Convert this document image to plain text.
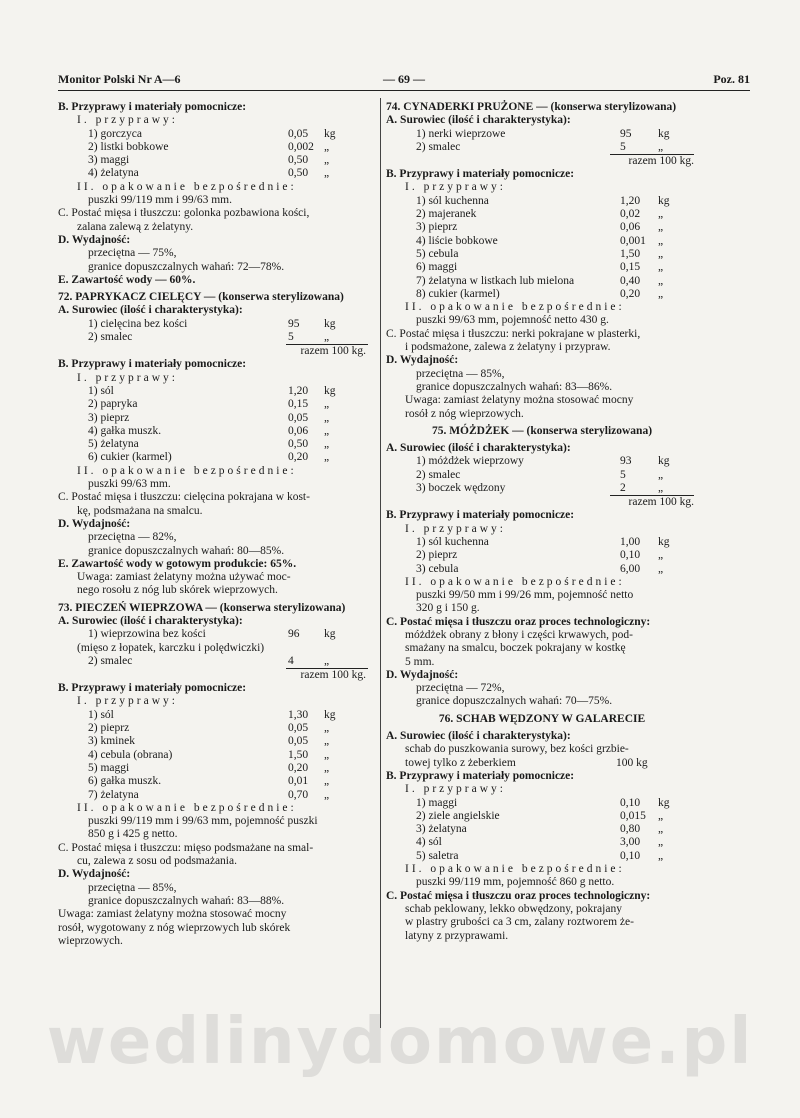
Monitor Polski Nr A—6	— 69 —	Poz. 81
B. Przyprawy i materiały pomocnicze:
I. przyprawy:
1) gorczyca	0,05 kg
2) listki bobkowe	0,002 „
3) maggi	0,50 „
4) żelatyna	0,50 „
II. opakowanie bezpośrednie:
puszki 99/119 mm i 99/63 mm.
C. Postać mięsa i tłuszczu: golonka pozbawiona kości,
zalana zalewą z żelatyny.
D. Wydajność:
przeciętna — 75%,
granice dopuszczalnych wahań: 72—78%.
E. Zawartość wody — 60%.
72. PAPRYKACZ CIELĘCY — (konserwa sterylizowana)
A. Surowiec (ilość i charakterystyka):
1) cielęcina bez kości	95 kg
2) smalec	5	„
razem 100 kg.
B. Przyprawy i materiały pomocnicze:
I. przyprawy:
1) sól	1,20 kg
2) papryka	0,15 „
3) pieprz	0,05 „
4) gałka muszk.	0,06 „
5) żelatyna	0,50 „
6) cukier (karmel)	0,20 „
II. opakowanie bezpośrednie:
puszki 99/63 mm.
C. Postać mięsa i tłuszczu: cielęcina pokrajana w kost-
kę, podsmażana na smalcu.
D. Wydajność:
przeciętna — 82%,
granice dopuszczalnych wahań: 80—85%.
E. Zawartość wody w gotowym produkcie: 65%.
Uwaga: zamiast żelatyny można używać moc-
nego rosołu z nóg lub skórek wieprzowych.
73. PIECZEŃ WIEPRZOWA — (konserwa sterylizowana)
A. Surowiec (ilość i charakterystyka):
1) wieprzowina bez kości	96 kg
(mięso z łopatek, karczku i polędwiczki)
2) smalec	4	„
razem 100 kg.
B. Przyprawy i materiały pomocnicze:
I. przyprawy:
1) sól	1,30 kg
2) pieprz	0,05 „
3) kminek	0,05 „
4) cebula (obrana)	1,50 „
5) maggi	0,20 „
6) gałka muszk.	0,01 „
7) żelatyna	0,70 „
II. opakowanie bezpośrednie:
puszki 99/119 mm i 99/63 mm, pojemność puszki
850 g i 425 g netto.
C. Postać mięsa i tłuszczu: mięso podsmażane na smal-
cu, zalewa z sosu od podsmażania.
D. Wydajność:
przeciętna — 85%,
granice dopuszczalnych wahań: 83—88%.
Uwaga: zamiast żelatyny można stosować mocny
rosół, wygotowany z nóg wieprzowych lub skórek
wieprzowych.
74. CYNADERKI PRUŻONE — (konserwa sterylizowana)
A. Surowiec (ilość i charakterystyka):
1) nerki wieprzowe	95 kg
2) smalec	5	„
razem 100 kg.
B. Przyprawy i materiały pomocnicze:
I. przyprawy:
1) sól kuchenna	1,20 kg
2) majeranek	0,02 „
3) pieprz	0,06 „
4) liście bobkowe	0,001 „
5) cebula	1,50 „
6) maggi	0,15 „
7) żelatyna w listkach lub mielona	0,40 „
8) cukier (karmel)	0,20 „
II. opakowanie bezpośrednie:
puszki 99/63 mm, pojemność netto 430 g.
C. Postać mięsa i tłuszczu: nerki pokrajane w plasterki,
i podsmażone, zalewa z żelatyny i przypraw.
D. Wydajność:
przeciętna — 85%,
granice dopuszczalnych wahań: 83—86%.
Uwaga: zamiast żelatyny można stosować mocny
rosół z nóg wieprzowych.
75. MÓŻDŻEK — (konserwa sterylizowana)
A. Surowiec (ilość i charakterystyka):
1) móżdżek wieprzowy	93 kg
2) smalec	5	„
3) boczek wędzony	2	„
razem 100 kg.
B. Przyprawy i materiały pomocnicze:
I. przyprawy:
1) sól kuchenna	1,00 kg
2) pieprz	0,10 „
3) cebula	6,00 „
II. opakowanie bezpośrednie:
puszki 99/50 mm i 99/26 mm, pojemność netto
320 g i 150 g.
C. Postać mięsa i tłuszczu oraz proces technologiczny:
móżdżek obrany z błony i części krwawych, pod-
smażany na smalcu, boczek pokrajany w kostkę
5 mm.
D. Wydajność:
przeciętna — 72%,
granice dopuszczalnych wahań: 70—75%.
76. SCHAB WĘDZONY W GALARECIE
A. Surowiec (ilość i charakterystyka):
schab do puszkowania surowy, bez kości grzbie-
towej tylko z żeberkiem	100 kg
B. Przyprawy i materiały pomocnicze:
I. przyprawy:
1) maggi	0,10 kg
2) ziele angielskie	0,015 „
3) żelatyna	0,80 „
4) sól	3,00 „
5) saletra	0,10 „
II. opakowanie bezpośrednie:
puszki 99/119 mm, pojemność 860 g netto.
C. Postać mięsa i tłuszczu oraz proces technologiczny:
schab peklowany, lekko obwędzony, pokrajany
w plastry grubości ca 3 cm, zalany roztworem że-
latyny z przyprawami.
wedlinydomowe.pl
